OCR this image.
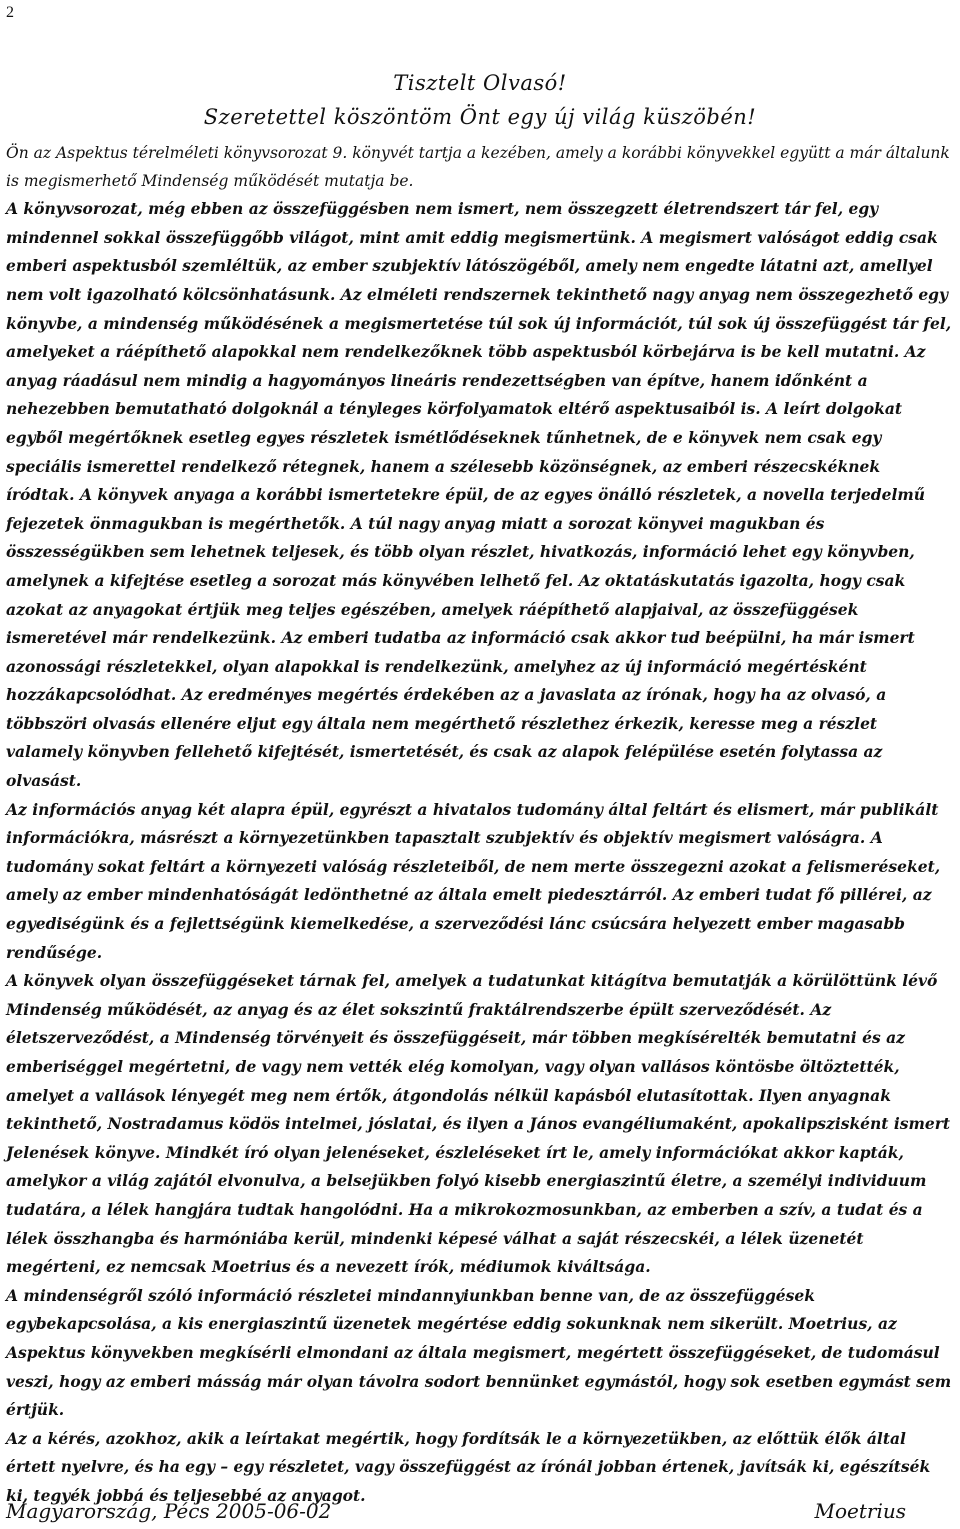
2
Tisztelt Olvasó!
Szeretettel köszöntöm Önt egy új világ küszöbén!

Ön az Aspektus térelméleti könyvsorozat 9. könyvét tartja a kezében, amely a korábbi könyvekkel együtt a már általunk is megismerhető Mindenség működését mutatja be.

A könyvsorozat, még ebben az összefüggésben nem ismert, nem összegzett életrendszert tár fel, egy mindennel sokkal összefüggőbb világot, mint amit eddig megismertünk. A megismert valóságot eddig csak emberi aspektusból szemléltük, az ember szubjektív látószögéből, amely nem engedte látatni azt, amellyel nem volt igazolható kölcsönhatásunk. Az elméleti rendszernek tekinthető nagy anyag nem összegezhető egy könyvbe, a mindenség működésének a megismertetése túl sok új információt, túl sok új összefüggést tár fel, amelyeket a ráépíthető alapokkal nem rendelkezőknek több aspektusból körbejárva is be kell mutatni. Az anyag ráadásul nem mindig a hagyományos lineáris rendezettségben van építve, hanem időnként a nehezebben bemutatható dolgoknál a tényleges körfolyamatok eltérő aspektusaiból is. A leírt dolgokat egyből megértőknek esetleg egyes részletek ismétlődéseknek tűnhetnek, de e könyvek nem csak egy speciális ismerettel rendelkező rétegnek, hanem a szélesebb közönségnek, az emberi részecskéknek íródtak. A könyvek anyaga a korábbi ismertetekre épül, de az egyes önálló részletek, a novella terjedelmű fejezetek önmagukban is megérthetők. A túl nagy anyag miatt a sorozat könyvei magukban és összességükben sem lehetnek teljesek, és több olyan részlet, hivatkozás, információ lehet egy könyvben, amelynek a kifejtése esetleg a sorozat más könyvében lelhető fel. Az oktatáskutatás igazolta, hogy csak azokat az anyagokat értjük meg teljes egészében, amelyek ráépíthető alapjaival, az összefüggések ismeretével már rendelkezünk. Az emberi tudatba az információ csak akkor tud beépülni, ha már ismert azonossági részletekkel, olyan alapokkal is rendelkezünk, amelyhez az új információ megértésként hozzákapcsolódhat. Az eredményes megértés érdekében az a javaslata az írónak, hogy ha az olvasó, a többszöri olvasás ellenére eljut egy általa nem megérthető részlethez érkezik, keresse meg a részlet valamely könyvben fellehető kifejtését, ismertetését, és csak az alapok felépülése esetén folytassa az olvasást.

Az információs anyag két alapra épül, egyrészt a hivatalos tudomány által feltárt és elismert, már publikált információkra, másrészt a környezetünkben tapasztalt szubjektív és objektív megismert valóságra. A tudomány sokat feltárt a környezeti valóság részleteiből, de nem merte összegezni azokat a felismeréseket, amely az ember mindenhatóságát ledönthetné az általa emelt piedesztárról. Az emberi tudat fő pillérei, az egyediségünk és a fejlettségünk kiemelkedése, a szerveződési lánc csúcsára helyezett ember magasabb rendűsége.

A könyvek olyan összefüggéseket tárnak fel, amelyek a tudatunkat kitágítva bemutatják a körülöttünk lévő Mindenség működését, az anyag és az élet sokszintű fraktálrendszerbe épült szerveződését. Az életszerveződést, a Mindenség törvényeit és összefüggéseit, már többen megkísérelték bemutatni és az emberiséggel megértetni, de vagy nem vették elég komolyan, vagy olyan vallásos köntösbe öltöztették, amelyet a vallások lényegét meg nem értők, átgondolás nélkül kapásból elutasítottak. Ilyen anyagnak tekinthető, Nostradamus ködös intelmei, jóslatai, és ilyen a János evangéliumaként, apokalipszisként ismert Jelenések könyve. Mindkét író olyan jelenéseket, észleléseket írt le, amely információkat akkor kapták, amelykor a világ zajától elvonulva, a belsejükben folyó kisebb energiaszintű életre, a személyi individuum tudatára, a lélek hangjára tudtak hangolódni. Ha a mikrokozmosunkban, az emberben a szív, a tudat és a lélek összhangba és harmóniába kerül, mindenki képesé válhat a saját részecskéi, a lélek üzenetét megérteni, ez nemcsak Moetrius és a nevezett írók, médiumok kiváltsága.

A mindenségről szóló információ részletei mindannyiunkban benne van, de az összefüggések egybekapcsolása, a kis energiaszintű üzenetek megértése eddig sokunknak nem sikerült. Moetrius, az Aspektus könyvekben megkísérli elmondani az általa megismert, megértett összefüggéseket, de tudomásul veszi, hogy az emberi másság már olyan távolra sodort bennünket egymástól, hogy sok esetben egymást sem értjük.

Az a kérés, azokhoz, akik a leírtakat megértik, hogy fordítsák le a környezetükben, az előttük élők által értett nyelvre, és ha egy – egy részletet, vagy összefüggést az írónál jobban értenek, javítsák ki, egészítsék ki, tegyék jobbá és teljesebbé az anyagot.

Magyarország, Pécs 2005-06-02	Moetrius
